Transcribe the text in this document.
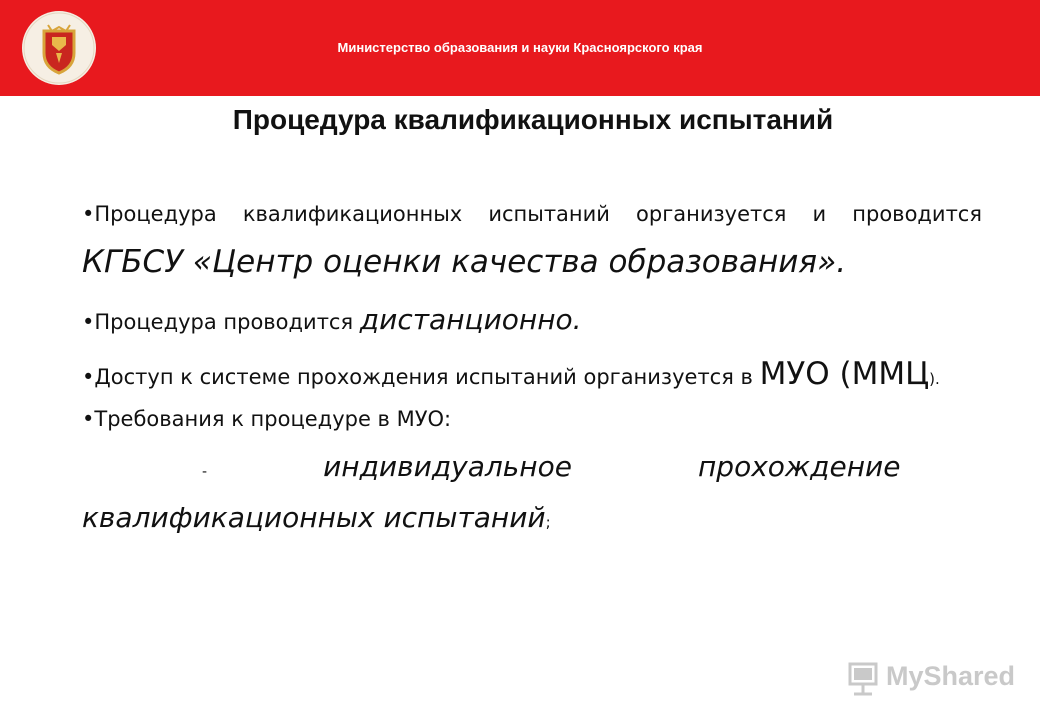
Министерство образования и науки Красноярского края
Процедура квалификационных испытаний

•Процедура квалификационных испытаний организуется и проводится КГБСУ «Центр оценки качества образования».

•Процедура проводится дистанционно.

•Доступ к системе прохождения испытаний организуется в МУО (ММЦ).

•Требования к процедуре в МУО:

-	индивидуальное	прохождение
квалификационных испытаний;

MyShared
